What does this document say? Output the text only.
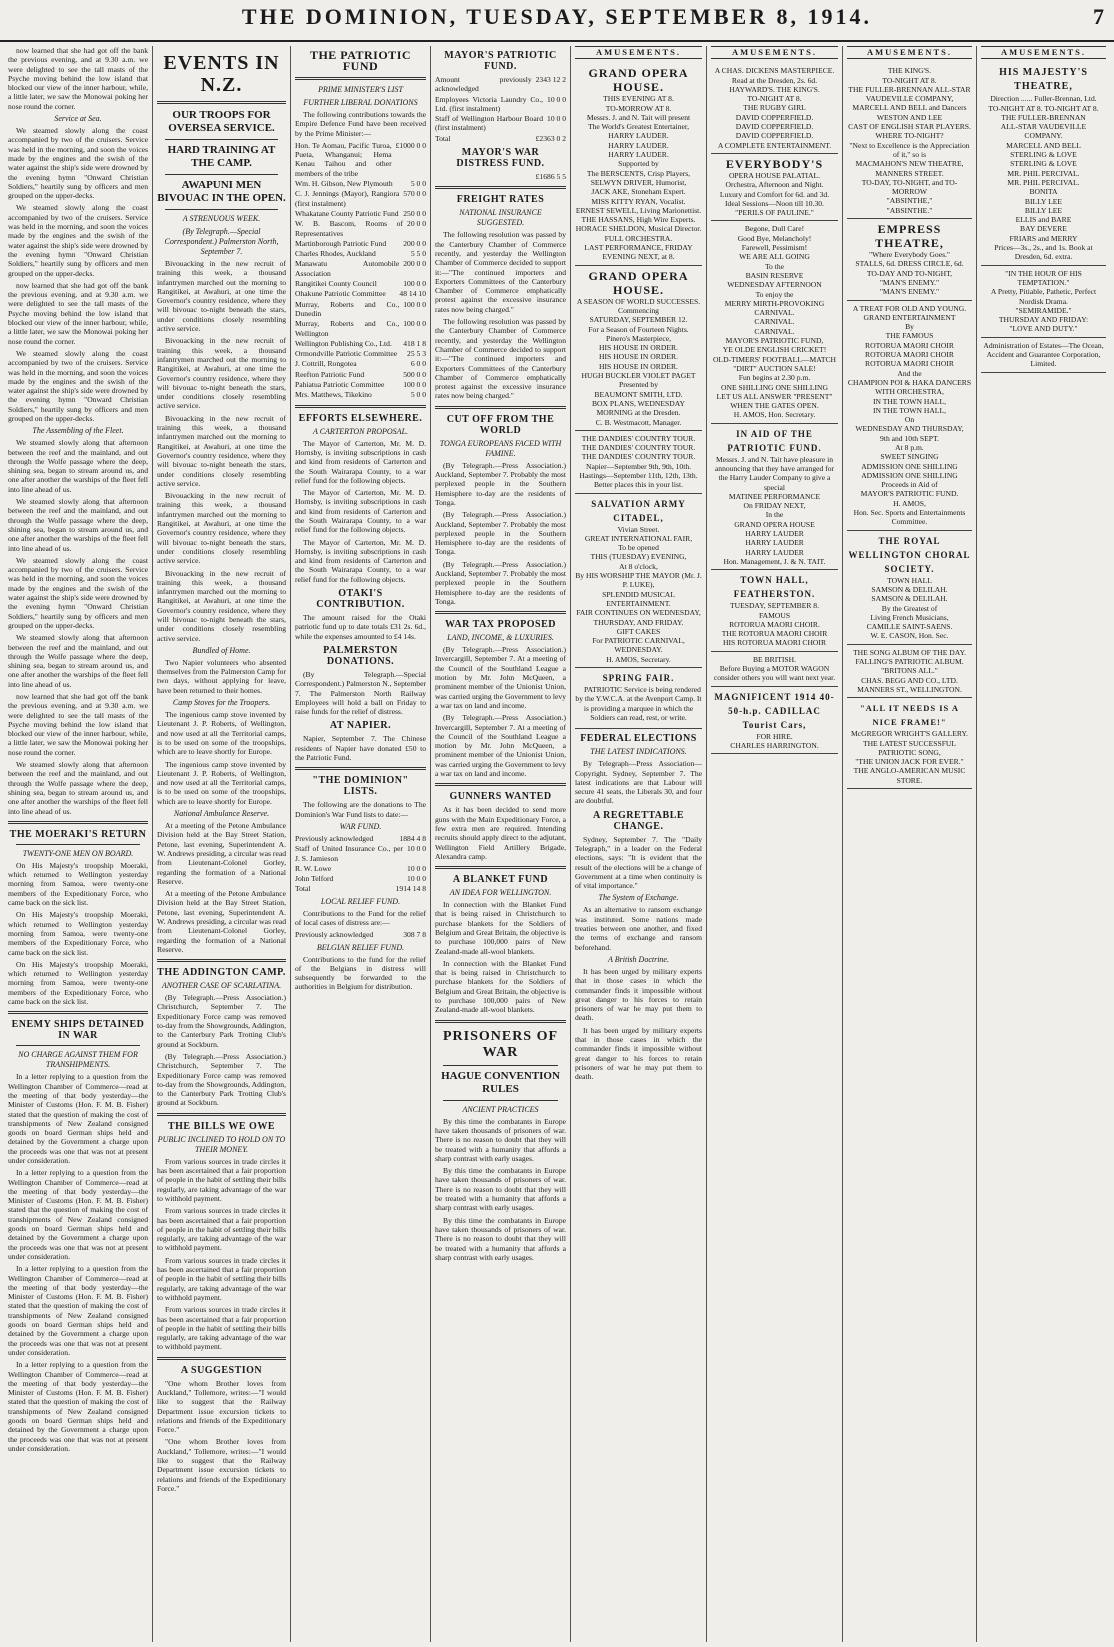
THE DOMINION, TUESDAY, SEPTEMBER 8, 1914.	7

now learned that she had got off the bank the previous evening, and at 9.30 a.m. we were delighted to see the tall masts of the Psyche moving behind the low island that blocked our view of the inner harbour, while, a little later, we saw the Monowai poking her nose round the corner.

Service at Sea.

We steamed slowly along the coast accompanied by two of the cruisers. Service was held in the morning, and soon the voices made by the engines and the swish of the water against the ship's side were drowned by the evening hymn "Onward Christian Soldiers," heartily sung by officers and men grouped on the upper-decks.

We steamed slowly along the coast accompanied by two of the cruisers. Service was held in the morning, and soon the voices made by the engines and the swish of the water against the ship's side were drowned by the evening hymn "Onward Christian Soldiers," heartily sung by officers and men grouped on the upper-decks.

now learned that she had got off the bank the previous evening, and at 9.30 a.m. we were delighted to see the tall masts of the Psyche moving behind the low island that blocked our view of the inner harbour, while, a little later, we saw the Monowai poking her nose round the corner.

We steamed slowly along the coast accompanied by two of the cruisers. Service was held in the morning, and soon the voices made by the engines and the swish of the water against the ship's side were drowned by the evening hymn "Onward Christian Soldiers," heartily sung by officers and men grouped on the upper-decks.

The Assembling of the Fleet.

We steamed slowly along that afternoon between the reef and the mainland, and out through the Wolfe passage where the deep, shining sea, began to stream around us, and one after another the warships of the fleet fell into line ahead of us.

We steamed slowly along that afternoon between the reef and the mainland, and out through the Wolfe passage where the deep, shining sea, began to stream around us, and one after another the warships of the fleet fell into line ahead of us.

We steamed slowly along the coast accompanied by two of the cruisers. Service was held in the morning, and soon the voices made by the engines and the swish of the water against the ship's side were drowned by the evening hymn "Onward Christian Soldiers," heartily sung by officers and men grouped on the upper-decks.

We steamed slowly along that afternoon between the reef and the mainland, and out through the Wolfe passage where the deep, shining sea, began to stream around us, and one after another the warships of the fleet fell into line ahead of us.

now learned that she had got off the bank the previous evening, and at 9.30 a.m. we were delighted to see the tall masts of the Psyche moving behind the low island that blocked our view of the inner harbour, while, a little later, we saw the Monowai poking her nose round the corner.

We steamed slowly along that afternoon between the reef and the mainland, and out through the Wolfe passage where the deep, shining sea, began to stream around us, and one after another the warships of the fleet fell into line ahead of us.

THE MOERAKI'S RETURN
TWENTY-ONE MEN ON BOARD.

On His Majesty's troopship Moeraki, which returned to Wellington yesterday morning from Samoa, were twenty-one members of the Expeditionary Force, who came back on the sick list.

On His Majesty's troopship Moeraki, which returned to Wellington yesterday morning from Samoa, were twenty-one members of the Expeditionary Force, who came back on the sick list.

On His Majesty's troopship Moeraki, which returned to Wellington yesterday morning from Samoa, were twenty-one members of the Expeditionary Force, who came back on the sick list.

ENEMY SHIPS DETAINED IN WAR
NO CHARGE AGAINST THEM FOR TRANSHIPMENTS.

In a letter replying to a question from the Wellington Chamber of Commerce—read at the meeting of that body yesterday—the Minister of Customs (Hon. F. M. B. Fisher) stated that the question of making the cost of transhipments of New Zealand consigned goods on board German ships held and detained by the Government a charge upon the proceeds was one that was not at present under consideration.

In a letter replying to a question from the Wellington Chamber of Commerce—read at the meeting of that body yesterday—the Minister of Customs (Hon. F. M. B. Fisher) stated that the question of making the cost of transhipments of New Zealand consigned goods on board German ships held and detained by the Government a charge upon the proceeds was one that was not at present under consideration.

In a letter replying to a question from the Wellington Chamber of Commerce—read at the meeting of that body yesterday—the Minister of Customs (Hon. F. M. B. Fisher) stated that the question of making the cost of transhipments of New Zealand consigned goods on board German ships held and detained by the Government a charge upon the proceeds was one that was not at present under consideration.

In a letter replying to a question from the Wellington Chamber of Commerce—read at the meeting of that body yesterday—the Minister of Customs (Hon. F. M. B. Fisher) stated that the question of making the cost of transhipments of New Zealand consigned goods on board German ships held and detained by the Government a charge upon the proceeds was one that was not at present under consideration.

EVENTS IN N.Z.
OUR TROOPS FOR OVERSEA SERVICE.
HARD TRAINING AT THE CAMP.
AWAPUNI MEN BIVOUAC IN THE OPEN.
A STRENUOUS WEEK.
(By Telegraph.—Special Correspondent.) Palmerston North, September 7.

Bivouacking in the new recruit of training this week, a thousand infantrymen marched out the morning to Rangitikei, at Awahuri, at one time the Governor's country residence, where they will bivouac to-night beneath the stars, under conditions closely resembling active service.

Bivouacking in the new recruit of training this week, a thousand infantrymen marched out the morning to Rangitikei, at Awahuri, at one time the Governor's country residence, where they will bivouac to-night beneath the stars, under conditions closely resembling active service.

Bivouacking in the new recruit of training this week, a thousand infantrymen marched out the morning to Rangitikei, at Awahuri, at one time the Governor's country residence, where they will bivouac to-night beneath the stars, under conditions closely resembling active service.

Bivouacking in the new recruit of training this week, a thousand infantrymen marched out the morning to Rangitikei, at Awahuri, at one time the Governor's country residence, where they will bivouac to-night beneath the stars, under conditions closely resembling active service.

Bivouacking in the new recruit of training this week, a thousand infantrymen marched out the morning to Rangitikei, at Awahuri, at one time the Governor's country residence, where they will bivouac to-night beneath the stars, under conditions closely resembling active service.

Bundled of Home.

Two Napier volunteers who absented themselves from the Palmerston Camp for two days, without applying for leave, have been returned to their homes.

Camp Stoves for the Troopers.

The ingenious camp stove invented by Lieutenant J. P. Roberts, of Wellington, and now used at all the Territorial camps, is to be used on some of the troopships, which are to leave shortly for Europe.

The ingenious camp stove invented by Lieutenant J. P. Roberts, of Wellington, and now used at all the Territorial camps, is to be used on some of the troopships, which are to leave shortly for Europe.

National Ambulance Reserve.

At a meeting of the Petone Ambulance Division held at the Bay Street Station, Petone, last evening, Superintendent A. W. Andrews presiding, a circular was read from Lieutenant-Colonel Gorley, regarding the formation of a National Reserve.

At a meeting of the Petone Ambulance Division held at the Bay Street Station, Petone, last evening, Superintendent A. W. Andrews presiding, a circular was read from Lieutenant-Colonel Gorley, regarding the formation of a National Reserve.

THE ADDINGTON CAMP.
ANOTHER CASE OF SCARLATINA.

(By Telegraph.—Press Association.) Christchurch, September 7. The Expeditionary Force camp was removed to-day from the Showgrounds, Addington, to the Canterbury Park Trotting Club's ground at Sockburn.

(By Telegraph.—Press Association.) Christchurch, September 7. The Expeditionary Force camp was removed to-day from the Showgrounds, Addington, to the Canterbury Park Trotting Club's ground at Sockburn.

THE BILLS WE OWE
PUBLIC INCLINED TO HOLD ON TO THEIR MONEY.

From various sources in trade circles it has been ascertained that a fair proportion of people in the habit of settling their bills regularly, are taking advantage of the war to withhold payment.

From various sources in trade circles it has been ascertained that a fair proportion of people in the habit of settling their bills regularly, are taking advantage of the war to withhold payment.

From various sources in trade circles it has been ascertained that a fair proportion of people in the habit of settling their bills regularly, are taking advantage of the war to withhold payment.

From various sources in trade circles it has been ascertained that a fair proportion of people in the habit of settling their bills regularly, are taking advantage of the war to withhold payment.

A SUGGESTION

"One whom Brother loves from Auckland," Tollemore, writes:—"I would like to suggest that the Railway Department issue excursion tickets to relations and friends of the Expeditionary Force."

"One whom Brother loves from Auckland," Tollemore, writes:—"I would like to suggest that the Railway Department issue excursion tickets to relations and friends of the Expeditionary Force."

THE PATRIOTIC FUND
PRIME MINISTER'S LIST
FURTHER LIBERAL DONATIONS

The following contributions towards the Empire Defence Fund have been received by the Prime Minister:—

Hon. Te Aomau, Pacific Turoa, Pueta, Whanganui; Hema Kenau Taihou and other members of the tribe
£1000 0 0
Wm. H. Gibson, New Plymouth 5 0 0
C. J. Jennings (Mayor), Rangiora (first instalment)
570 0 0
Whakatane County Patriotic Fund 250 0 0
W. B. Bascom, Rooms of Representatives
20 0 0
Martinborough Patriotic Fund 200 0 0
Charles Rhodes, Auckland	5 5 0
Manawatu Automobile Association
200 0 0
Rangitikei County Council	100 0 0
Ohakune Patriotic Committee 48 14 10
Murray, Roberts and Co., Dunedin
100 0 0
Murray, Roberts and Co., Wellington
100 0 0
Wellington Publishing Co., Ltd. 418 1 8
Ormondville Patriotic Committee 25 5 3
J. Cottrill, Rongotea	6 0 0
Reefton Patriotic Fund	500 0 0
Pahiatua Patriotic Committee 100 0 0
Mrs. Matthews, Tikekino	5 0 0
EFFORTS ELSEWHERE.
A CARTERTON PROPOSAL.

The Mayor of Carterton, Mr. M. D. Hornsby, is inviting subscriptions in cash and kind from residents of Carterton and the South Wairarapa County, to a war relief fund for the following objects.

The Mayor of Carterton, Mr. M. D. Hornsby, is inviting subscriptions in cash and kind from residents of Carterton and the South Wairarapa County, to a war relief fund for the following objects.

The Mayor of Carterton, Mr. M. D. Hornsby, is inviting subscriptions in cash and kind from residents of Carterton and the South Wairarapa County, to a war relief fund for the following objects.

OTAKI'S CONTRIBUTION.

The amount raised for the Otaki patriotic fund up to date totals £31 2s. 6d., while the expenses amounted to £4 14s.

PALMERSTON DONATIONS.

(By Telegraph.—Special Correspondent.) Palmerston N., September 7. The Palmerston North Railway Employees will hold a ball on Friday to raise funds for the relief of distress.

AT NAPIER.

Napier, September 7. The Chinese residents of Napier have donated £50 to the Patriotic Fund.

"THE DOMINION" LISTS.

The following are the donations to The Dominion's War Fund lists to date:—

WAR FUND.
Previously acknowledged	1884 4 8
Staff of United Insurance Co., per J. S. Jamieson
10 0 0
R. W. Lowe	10 0 0
John Telford	10 0 0
Total	1914 14 8
LOCAL RELIEF FUND.

Contributions to the Fund for the relief of local cases of distress are:—

Previously acknowledged	308 7 8
BELGIAN RELIEF FUND.

Contributions to the fund for the relief of the Belgians in distress will subsequently be forwarded to the authorities in Belgium for distribution.

MAYOR'S PATRIOTIC FUND.
Amount previously acknowledged
2343 12 2
Employees Victoria Laundry Co., Ltd. (first instalment)
10 0 0
Staff of Wellington Harbour Board (first instalment)
10 0 0
Total	£2363 0 2
MAYOR'S WAR DISTRESS FUND.
£1686 5 5
FREIGHT RATES
NATIONAL INSURANCE SUGGESTED.

The following resolution was passed by the Canterbury Chamber of Commerce recently, and yesterday the Wellington Chamber of Commerce decided to support it:—"The continued importers and Exporters Committees of the Canterbury Chamber of Commerce emphatically protest against the excessive insurance rates now being charged."

The following resolution was passed by the Canterbury Chamber of Commerce recently, and yesterday the Wellington Chamber of Commerce decided to support it:—"The continued importers and Exporters Committees of the Canterbury Chamber of Commerce emphatically protest against the excessive insurance rates now being charged."

CUT OFF FROM THE WORLD
TONGA EUROPEANS FACED WITH FAMINE.

(By Telegraph.—Press Association.) Auckland, September 7. Probably the most perplexed people in the Southern Hemisphere to-day are the residents of Tonga.

(By Telegraph.—Press Association.) Auckland, September 7. Probably the most perplexed people in the Southern Hemisphere to-day are the residents of Tonga.

(By Telegraph.—Press Association.) Auckland, September 7. Probably the most perplexed people in the Southern Hemisphere to-day are the residents of Tonga.

WAR TAX PROPOSED
LAND, INCOME, & LUXURIES.

(By Telegraph.—Press Association.) Invercargill, September 7. At a meeting of the Council of the Southland League a motion by Mr. John McQueen, a prominent member of the Unionist Union, was carried urging the Government to levy a war tax on land and income.

(By Telegraph.—Press Association.) Invercargill, September 7. At a meeting of the Council of the Southland League a motion by Mr. John McQueen, a prominent member of the Unionist Union, was carried urging the Government to levy a war tax on land and income.

GUNNERS WANTED

As it has been decided to send more guns with the Main Expeditionary Force, a few extra men are required. Intending recruits should apply direct to the adjutant, Wellington Field Artillery Brigade, Alexandra camp.

A BLANKET FUND
AN IDEA FOR WELLINGTON.

In connection with the Blanket Fund that is being raised in Christchurch to purchase blankets for the Soldiers of Belgium and Great Britain, the objective is to purchase 100,000 pairs of New Zealand-made all-wool blankets.

In connection with the Blanket Fund that is being raised in Christchurch to purchase blankets for the Soldiers of Belgium and Great Britain, the objective is to purchase 100,000 pairs of New Zealand-made all-wool blankets.

PRISONERS OF WAR
HAGUE CONVENTION RULES
ANCIENT PRACTICES

By this time the combatants in Europe have taken thousands of prisoners of war. There is no reason to doubt that they will be treated with a humanity that affords a sharp contrast with early usages.

By this time the combatants in Europe have taken thousands of prisoners of war. There is no reason to doubt that they will be treated with a humanity that affords a sharp contrast with early usages.

By this time the combatants in Europe have taken thousands of prisoners of war. There is no reason to doubt that they will be treated with a humanity that affords a sharp contrast with early usages.

AMUSEMENTS.
GRAND OPERA HOUSE.
THIS EVENING AT 8.
TO-MORROW AT 8.
Messrs. J. and N. Tait will present
The World's Greatest Entertainer,
HARRY LAUDER.
HARRY LAUDER.
HARRY LAUDER.
Supported by
The BERSCENTS, Crisp Players,
SELWYN DRIVER, Humorist,
JACK AKE, Stoneham Expert.
MISS KITTY RYAN, Vocalist.
ERNEST SEWELL, Living Marionettist.
THE HASSANS, High Wire Experts.
HORACE SHELDON, Musical Director.
FULL ORCHESTRA.
LAST PERFORMANCE, FRIDAY EVENING NEXT, at 8.
GRAND OPERA HOUSE.
A SEASON OF WORLD SUCCESSES.
Commencing
SATURDAY, SEPTEMBER 12.
For a Season of Fourteen Nights.
Pinero's Masterpiece,
HIS HOUSE IN ORDER.
HIS HOUSE IN ORDER.
HIS HOUSE IN ORDER.
HUGH BUCKLER VIOLET PAGET
Presented by
BEAUMONT SMITH, LTD.
BOX PLANS, WEDNESDAY MORNING at the Dresden.
C. B. Westmacott, Manager.
THE DANDIES' COUNTRY TOUR.
THE DANDIES' COUNTRY TOUR.
THE DANDIES' COUNTRY TOUR.
Napier—September 9th, 9th, 10th.
Hastings—September 11th, 12th, 13th.
Better places this in your list.
SALVATION ARMY CITADEL,
Vivian Street.
GREAT INTERNATIONAL FAIR,
To be opened
THIS (TUESDAY) EVENING,
At 8 o'clock,
By HIS WORSHIP THE MAYOR (Mr. J. P. LUKE),
SPLENDID MUSICAL ENTERTAINMENT.
FAIR CONTINUES ON WEDNESDAY, THURSDAY, AND FRIDAY.
GIFT CAKES
For PATRIOTIC CARNIVAL, WEDNESDAY.
H. AMOS, Secretary.
SPRING FAIR.

PATRIOTIC Service is being rendered by the Y.W.C.A. at the Avenport Camp. It is providing a marquee in which the Soldiers can read, rest, or write.

FEDERAL ELECTIONS
THE LATEST INDICATIONS.

By Telegraph—Press Association—Copyright. Sydney, September 7. The latest indications are that Labour will secure 41 seats, the Liberals 30, and four are doubtful.

A REGRETTABLE CHANGE.

Sydney, September 7. The "Daily Telegraph," in a leader on the Federal elections, says: "It is evident that the result of the elections will be a change of Government at a time when continuity is of vital importance."

The System of Exchange.

As an alternative to ransom exchange was instituted. Some nations made treaties between one another, and fixed the terms of exchange and ransom beforehand.

A British Doctrine.

It has been urged by military experts that in those cases in which the commander finds it impossible without great danger to his forces to retain prisoners of war he may put them to death.

It has been urged by military experts that in those cases in which the commander finds it impossible without great danger to his forces to retain prisoners of war he may put them to death.

AMUSEMENTS.
A CHAS. DICKENS MASTERPIECE.
Read at the Dresden, 2s. 6d.
HAYWARD'S. THE KING'S.
TO-NIGHT AT 8.
THE RUGBY GIRL
DAVID COPPERFIELD.
DAVID COPPERFIELD.
DAVID COPPERFIELD.
A COMPLETE ENTERTAINMENT.
EVERYBODY'S
OPERA HOUSE PALATIAL.
Orchestra, Afternoon and Night.
Luxury and Comfort for 6d. and 3d.
Ideal Sessions—Noon till 10.30.
"PERILS OF PAULINE."
Begone, Dull Care!
Good Bye, Melancholy!
Farewell, Pessimism!
WE ARE ALL GOING
To the
BASIN RESERVE
WEDNESDAY AFTERNOON
To enjoy the
MERRY MIRTH-PROVOKING
CARNIVAL.
CARNIVAL.
CARNIVAL.
MAYOR'S PATRIOTIC FUND,
YE OLDE ENGLISH CRICKET!
OLD-TIMERS' FOOTBALL—MATCH
"DIRT" AUCTION SALE!
Fun begins at 2.30 p.m.
ONE SHILLING ONE SHILLING
LET US ALL ANSWER "PRESENT" WHEN THE GATES OPEN.
H. AMOS, Hon. Secretary.
IN AID OF THE PATRIOTIC FUND.
Messrs. J. and N. Tait have pleasure in announcing that they have arranged for the Harry Lauder Company to give a special
MATINEE PERFORMANCE
On FRIDAY NEXT,
In the
GRAND OPERA HOUSE
HARRY LAUDER
HARRY LAUDER
HARRY LAUDER
Hon. Management, J. & N. TAIT.
TOWN HALL, FEATHERSTON.
TUESDAY, SEPTEMBER 8.
FAMOUS
ROTORUA MAORI CHOIR.
THE ROTORUA MAORI CHOIR
HIS ROTORUA MAORI CHOIR
BE BRITISH.
Before Buying a MOTOR WAGON consider others you will want next year.
MAGNIFICENT 1914 40-50-h.p. CADILLAC Tourist Cars,
FOR HIRE.
CHARLES HARRINGTON.
AMUSEMENTS.
THE KING'S.
TO-NIGHT AT 8.
THE FULLER-BRENNAN ALL-STAR VAUDEVILLE COMPANY,
MARCELL AND BELL and Dancers
WESTON AND LEE
CAST OF ENGLISH STAR PLAYERS.
WHERE TO-NIGHT?
"Next to Excellence is the Appreciation of it," so is
MACMAHON'S NEW THEATRE,
MANNERS STREET.
TO-DAY, TO-NIGHT, and TO-MORROW
"ABSINTHE,"
"ABSINTHE."
EMPRESS THEATRE,
"Where Everybody Goes."
STALLS, 6d. DRESS CIRCLE, 6d.
TO-DAY AND TO-NIGHT,
"MAN'S ENEMY."
"MAN'S ENEMY."
A TREAT FOR OLD AND YOUNG.
GRAND ENTERTAINMENT
By
THE FAMOUS
ROTORUA MAORI CHOIR
ROTORUA MAORI CHOIR
ROTORUA MAORI CHOIR
And the
CHAMPION POI & HAKA DANCERS
WITH ORCHESTRA,
IN THE TOWN HALL,
IN THE TOWN HALL,
On
WEDNESDAY AND THURSDAY,
9th and 10th SEPT.
At 8 p.m.
SWEET SINGING
ADMISSION ONE SHILLING
ADMISSION ONE SHILLING
Proceeds in Aid of
MAYOR'S PATRIOTIC FUND.
H. AMOS,
Hon. Sec. Sports and Entertainments Committee.
THE ROYAL WELLINGTON CHORAL SOCIETY.
TOWN HALL
SAMSON & DELILAH.
SAMSON & DELILAH.
By the Greatest of
Living French Musicians,
CAMILLE SAINT-SAENS.
W. E. CASON, Hon. Sec.
THE SONG ALBUM OF THE DAY.
FALLING'S PATRIOTIC ALBUM.
"BRITONS ALL."
CHAS. BEGG AND CO., LTD.
MANNERS ST., WELLINGTON.
"ALL IT NEEDS IS A NICE FRAME!"
McGREGOR WRIGHT'S GALLERY.
THE LATEST SUCCESSFUL PATRIOTIC SONG,
"THE UNION JACK FOR EVER."
THE ANGLO-AMERICAN MUSIC STORE.
AMUSEMENTS.
HIS MAJESTY'S THEATRE,
Direction ...... Fuller-Brennan, Ltd.
TO-NIGHT AT 8. TO-NIGHT AT 8.
THE FULLER-BRENNAN
ALL-STAR VAUDEVILLE COMPANY.
MARCELL AND BELL
STERLING & LOVE
STERLING & LOVE
MR. PHIL PERCIVAL.
MR. PHIL PERCIVAL.
BONITA
BILLY LEE
BILLY LEE
ELLIS and BARE
BAY DEVERE
FRIARS and MERRY
Prices—3s., 2s., and 1s. Book at Dresden, 6d. extra.
"IN THE HOUR OF HIS TEMPTATION."
A Pretty, Pitiable, Pathetic, Perfect Nordisk Drama.
"SEMIRAMIDE."
THURSDAY AND FRIDAY:
"LOVE AND DUTY."
Administration of Estates—The Ocean, Accident and Guarantee Corporation, Limited.
